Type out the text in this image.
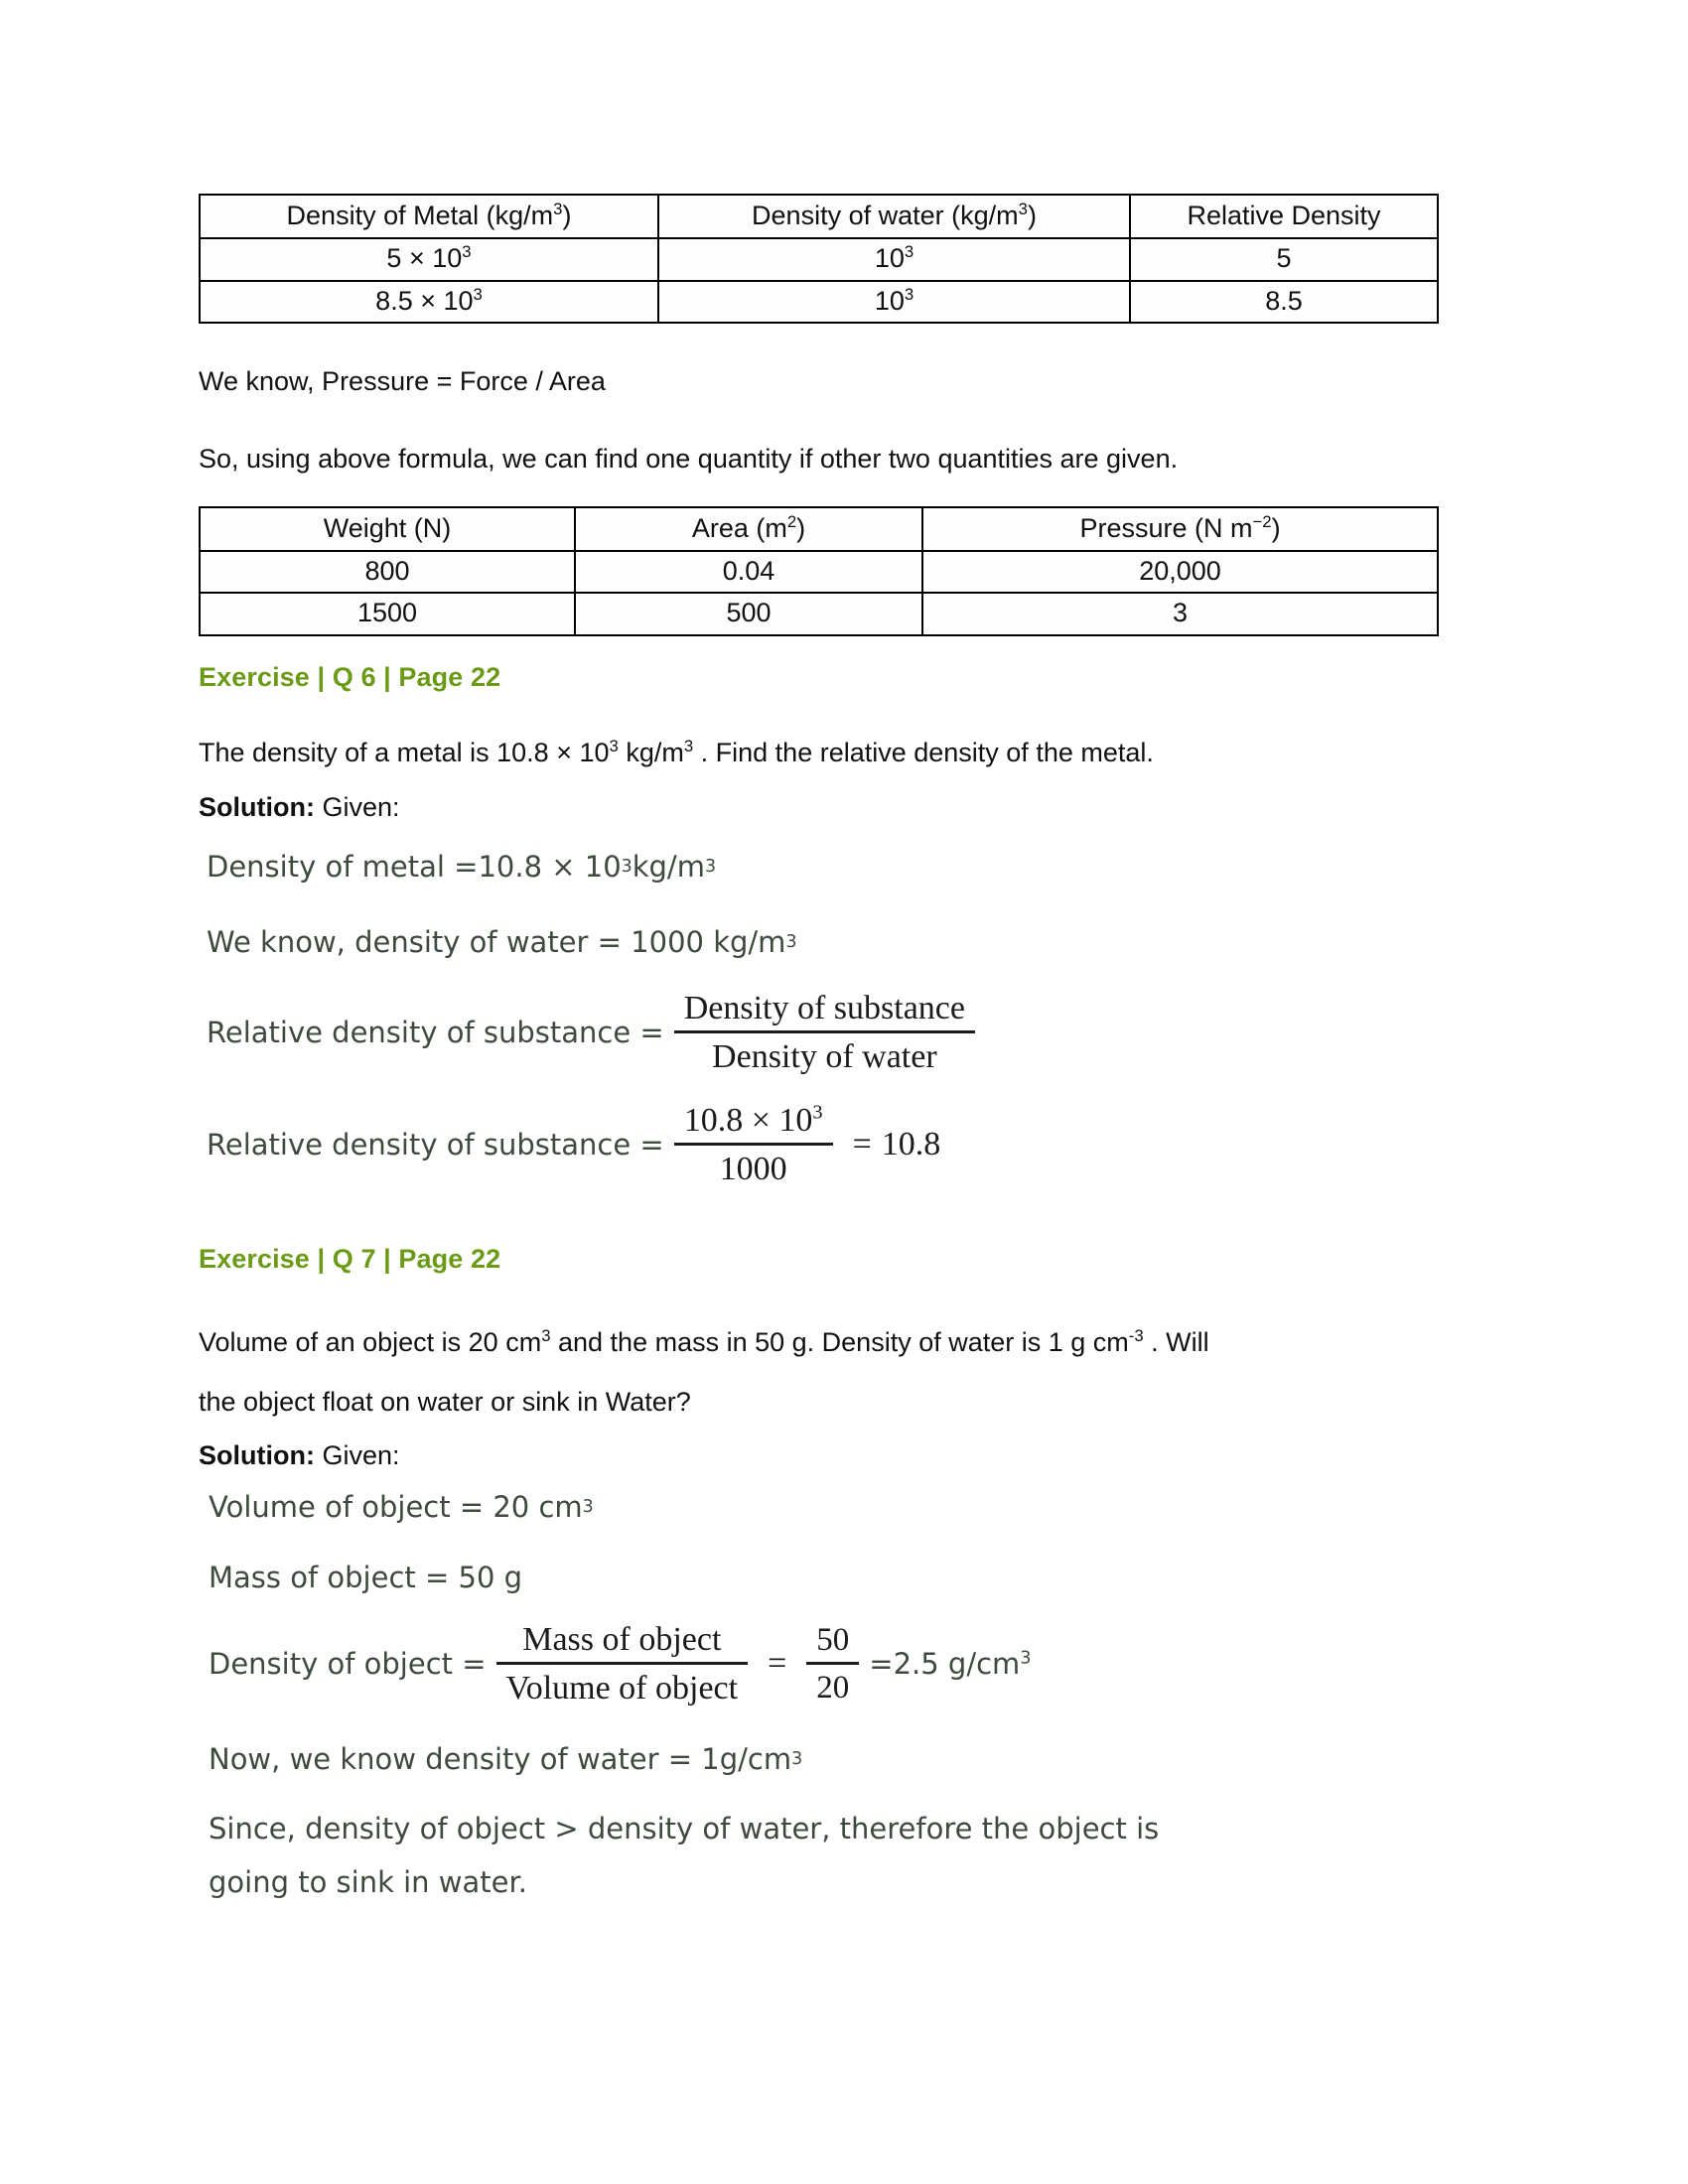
Density of Metal $(kg/m^3)$	Density of water $(kg/m^3)$	Relative Density
$5 \times 10^3$	$10^3$	5
$8.5 \times 10^3$	$10^3$	8.5

We know, Pressure = Force / Area

So, using above formula, we can find one quantity if other two quantities are given.

Weight (N)	Area $(m^2)$	Pressure (N $m^{-2}$)
800	0.04	20,000
1500	500	3

Exercise | Q 6 | Page 22

The density of a metal is $10.8 \times 10^3$ $kg/m^3$ . Find the relative density of the metal.

Solution: Given:

Density of metal =10.8 × 10 3 kg/m 3

We know, density of water = 1000 kg/m 3

Relative density of substance = $\frac{\text{Density of substance}}{\text{Density of water}}$
Relative density of substance = $\frac{10.8 \times 10^3}{1000} = 10.8$

Exercise | Q 7 | Page 22

Volume of an object is 20 $cm^3$ and the mass in 50 g. Density of water is 1 g $cm^{-3}$ . Will

the object float on water or sink in Water?

Solution: Given:

Volume of object = 20 cm 3

Mass of object = 50 g

Density of object = $\frac{\text{Mass of object}}{\text{Volume of object}} = \frac{50}{20} = 2.5$ $g/cm^3$

Now, we know density of water = 1g/cm 3

Since, density of object > density of water, therefore the object is

going to sink in water.
